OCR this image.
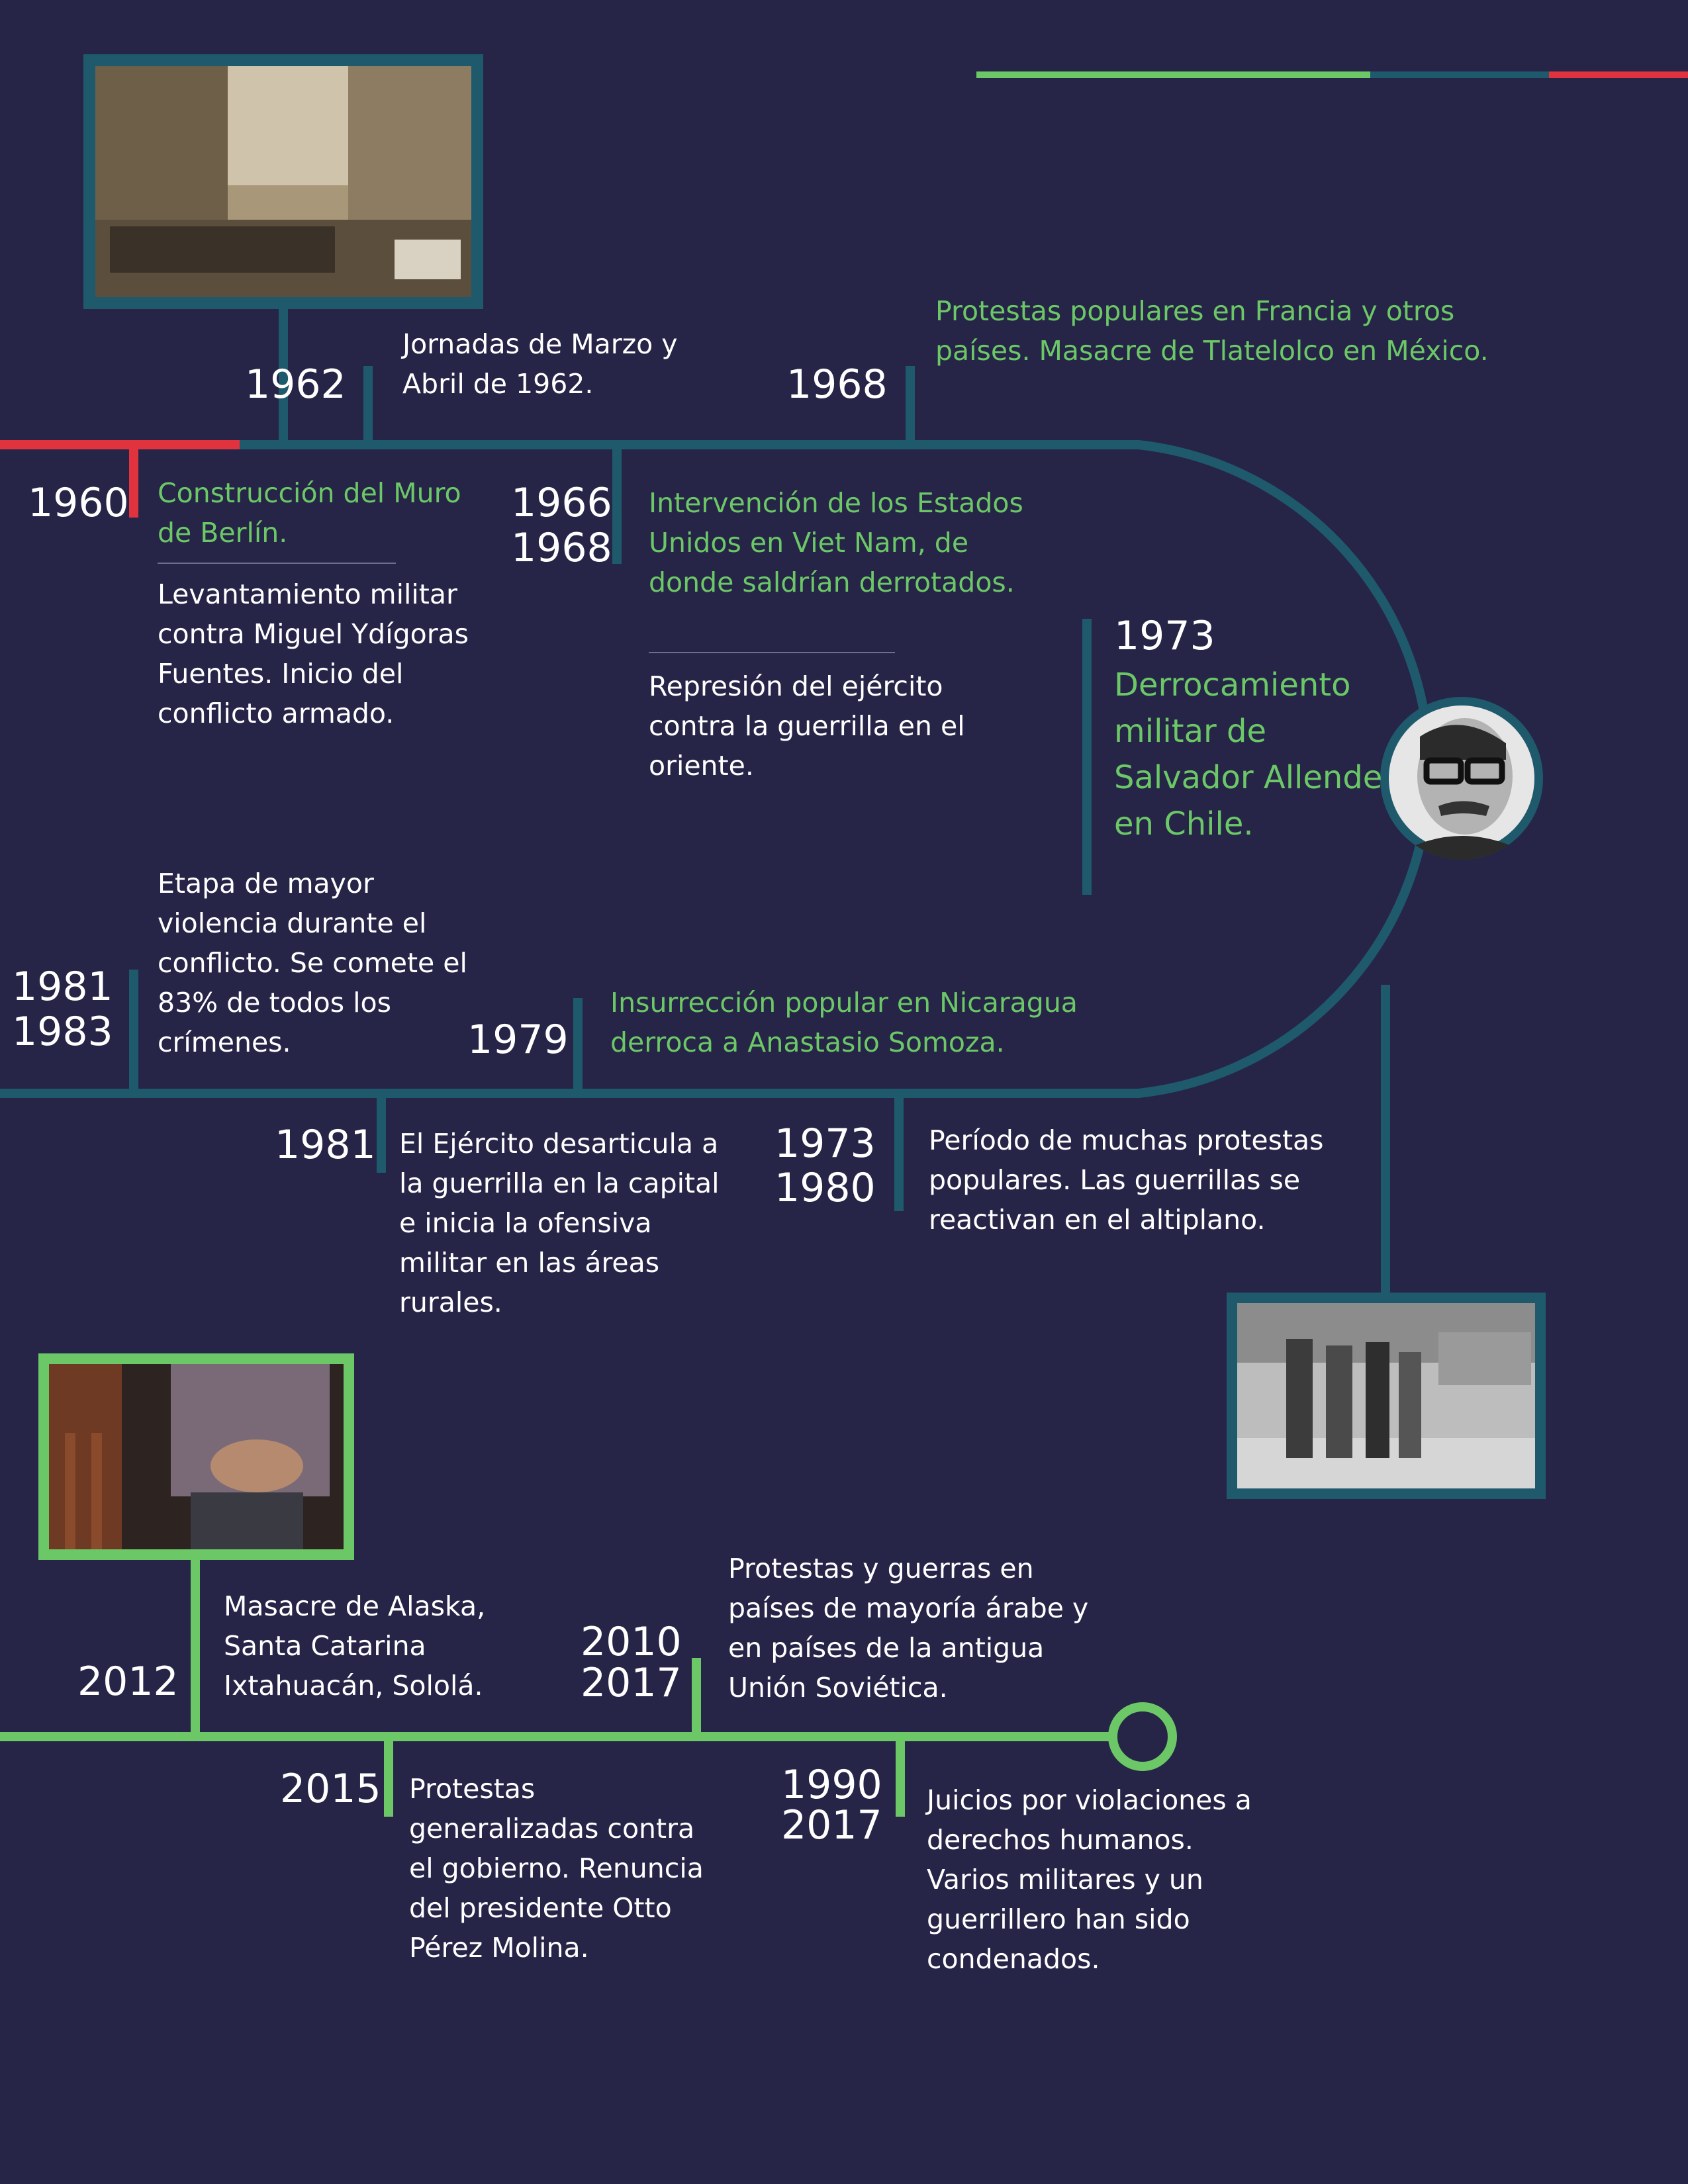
1962
Jornadas de Marzo y Abril de 1962.	1968
Protestas populares en Francia y otros países. Masacre de Tlatelolco en México.
1960 Construcción del Muro de Berlín.
Levantamiento militar contra Miguel Ydígoras Fuentes. Inicio del conflicto armado.
1966
1968
Intervención de los Estados Unidos en Viet Nam, de donde saldrían derrotados.
Represión del ejército contra la guerrilla en el oriente.
1973
Derrocamiento militar de Salvador Allende en Chile.
1981
1983
Etapa de mayor violencia durante el conflicto. Se comete el 83% de todos los crímenes.	1979
Insurrección popular en Nicaragua derroca a Anastasio Somoza.
1981 El Ejército desarticula a la guerrilla en la capital e inicia la ofensiva militar en las áreas rurales.
1973
1980
Período de muchas protestas populares. Las guerrillas se reactivan en el altiplano.
2012
Masacre de Alaska, Santa Catarina Ixtahuacán, Sololá.
2010
2017
Protestas y guerras en países de mayoría árabe y en países de la antigua Unión Soviética.
2015 Protestas generalizadas contra el gobierno. Renuncia del presidente Otto Pérez Molina.
1990
2017
Juicios por violaciones a derechos humanos. Varios militares y un guerrillero han sido condenados.
